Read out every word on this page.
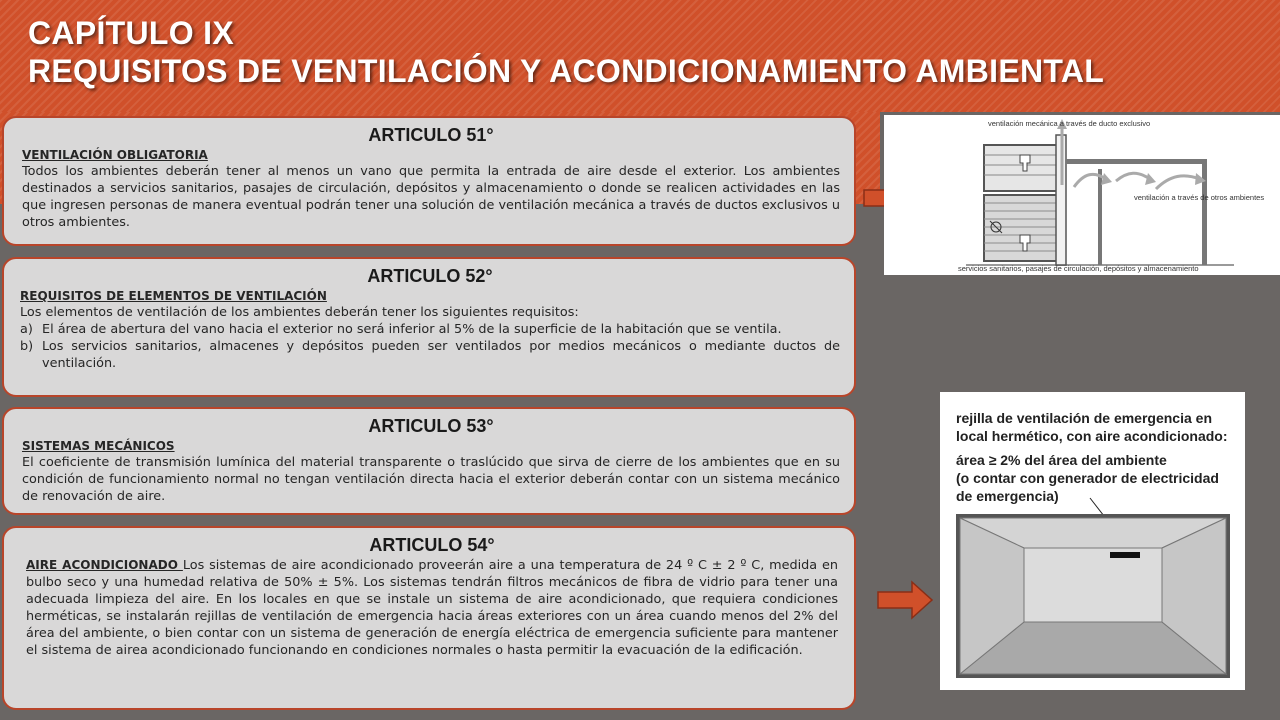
CAPÍTULO IX
REQUISITOS DE VENTILACIÓN Y ACONDICIONAMIENTO AMBIENTAL
ARTICULO 51°
VENTILACIÓN OBLIGATORIA

Todos los ambientes deberán tener al menos un vano que permita la entrada de aire desde el exterior. Los ambientes destinados a servicios sanitarios, pasajes de circulación, depósitos y almacenamiento o donde se realicen actividades en las que ingresen personas de manera eventual podrán tener una solución de ventilación mecánica a través de ductos exclusivos u otros ambientes.

ARTICULO 52°
REQUISITOS DE ELEMENTOS DE VENTILACIÓN

Los elementos de ventilación de los ambientes deberán tener los siguientes requisitos:

a) El área de abertura del vano hacia el exterior no será inferior al 5% de la superficie de la habitación que se ventila.
b) Los servicios sanitarios, almacenes y depósitos pueden ser ventilados por medios mecánicos o mediante ductos de ventilación.
ARTICULO 53°
SISTEMAS MECÁNICOS

El coeficiente de transmisión lumínica del material transparente o traslúcido que sirva de cierre de los ambientes que en su condición de funcionamiento normal no tengan ventilación directa hacia el exterior deberán contar con un sistema mecánico de renovación de aire.

ARTICULO 54°

AIRE ACONDICIONADO Los sistemas de aire acondicionado proveerán aire a una temperatura de 24 º C ± 2 º C, medida en bulbo seco y una humedad relativa de 50% ± 5%. Los sistemas tendrán filtros mecánicos de fibra de vidrio para tener una adecuada limpieza del aire. En los locales en que se instale un sistema de aire acondicionado, que requiera condiciones herméticas, se instalarán rejillas de ventilación de emergencia hacia áreas exteriores con un área cuando menos del 2% del área del ambiente, o bien contar con un sistema de generación de energía eléctrica de emergencia suficiente para mantener el sistema de airea acondicionado funcionando en condiciones normales o hasta permitir la evacuación de la edificación.

ventilación mecánica a través de ducto exclusivo
ventilación a través de otros ambientes
servicios sanitarios, pasajes de circulación, depósitos y almacenamiento
rejilla de ventilación de emergencia en
local hermético, con aire acondicionado:
área ≥ 2% del área del ambiente
(o contar con generador de electricidad
de emergencia)
